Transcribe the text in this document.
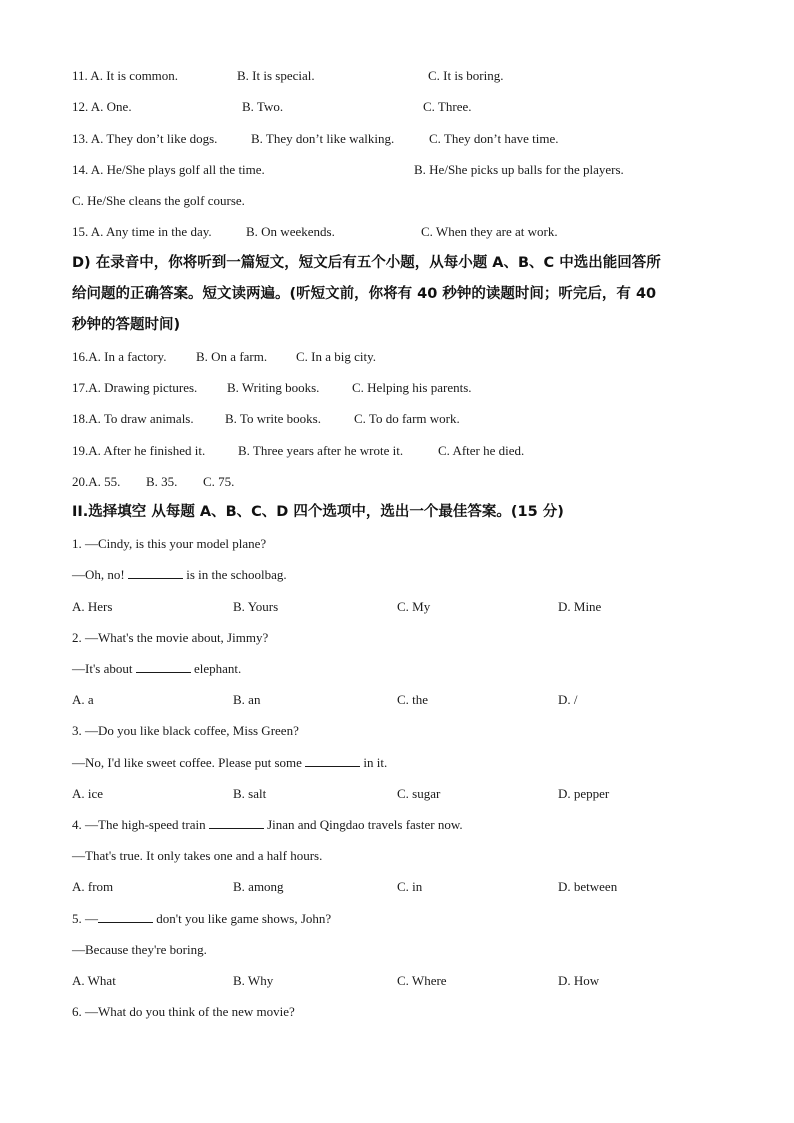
11. A. It is common.	B. It is special.	C. It is boring.
12. A. One.	B. Two.	C. Three.
13. A. They don’t like dogs.	B. They don’t like walking.	C. They don’t have time.
14. A. He/She plays golf all the time.	B. He/She picks up balls for the players.
C. He/She cleans the golf course.
15. A. Any time in the day.	B. On weekends.	C. When they are at work.
D) 在录音中，你将听到一篇短文，短文后有五个小题，从每小题 A、B、C 中选出能回答所
给问题的正确答案。短文读两遍。(听短文前，你将有 40 秒钟的读题时间；听完后，有 40
秒钟的答题时间)
16.A. In a factory. B. On a farm. C. In a big city.
17.A. Drawing pictures. B. Writing books.	C. Helping his parents.
18.A. To draw animals. B. To write books.	C. To do farm work.
19.A. After he finished it.	B. Three years after he wrote it.	C. After he died.
20.A. 55. B. 35. C. 75.
II.选择填空 从每题 A、B、C、D 四个选项中，选出一个最佳答案。(15 分)
1. —Cindy, is this your model plane?
—Oh, no!	is in the schoolbag.
A. Hers	B. Yours	C. My	D. Mine
2. —What's the movie about, Jimmy?
—It's about	elephant.
A. a	B. an	C. the	D. /
3. —Do you like black coffee, Miss Green?
—No, I'd like sweet coffee. Please put some	in it.
A. ice	B. salt	C. sugar	D. pepper
4. —The high-speed train	Jinan and Qingdao travels faster now.
—That's true. It only takes one and a half hours.
A. from	B. among	C. in	D. between
5. —	don't you like game shows, John?
—Because they're boring.
A. What	B. Why	C. Where	D. How
6. —What do you think of the new movie?
